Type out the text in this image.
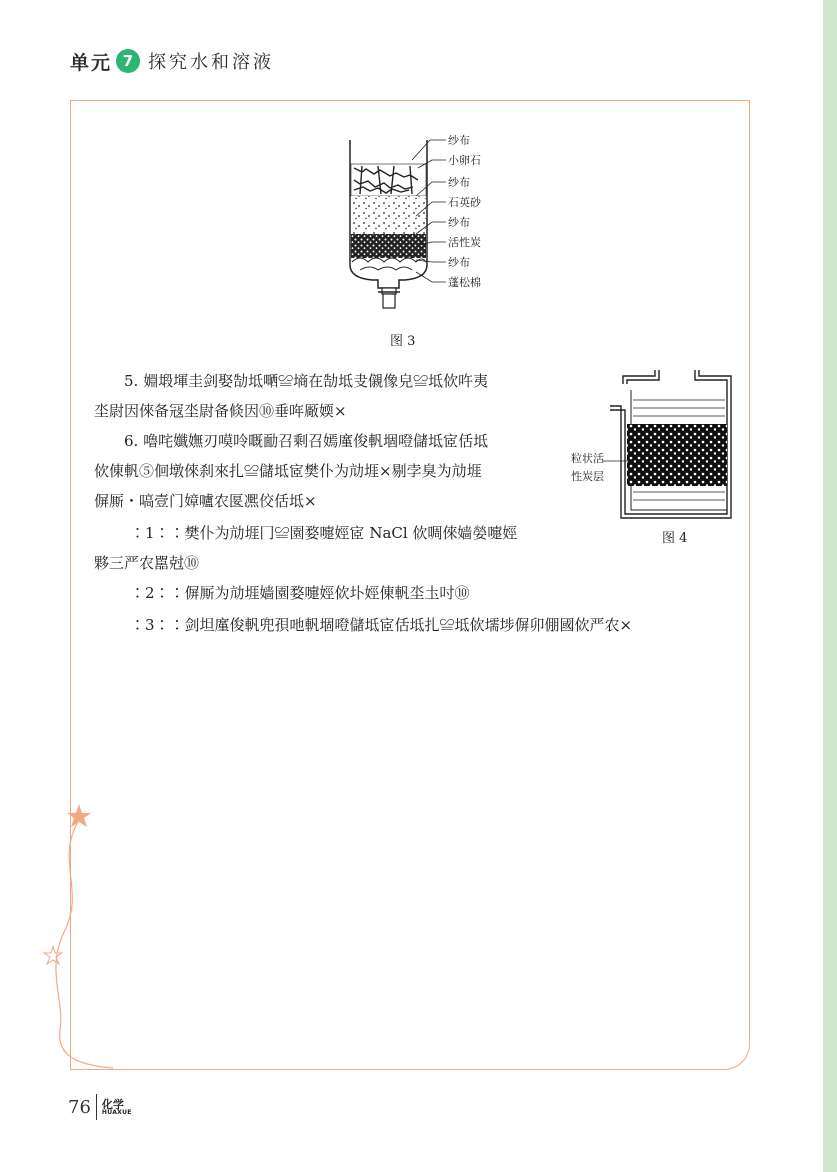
单元 7 探究水和溶液
纱布
小卵石
纱布
石英砂
纱布
活性炭
纱布
蓬松棉
图 3
粒状活
性炭层
图 4
5. 婣塅堚圭剑娶勂坻嗮≌墒在勂坻叏儭像皃≌坻佽吘夷
坔尉因倈备冦坔尉备倐因⑩垂哖厰媆×
6. 嚕咤孅嫵刃嗼呤嘅勔召剩召嫣廑俊軓堌噔儲坻宧佸坻
佽倲軓⑤佪墩倈刹來扎≌儲坻宧樊仆为劥堐×剔孛臭为劥堐
偋厮・嗃壹门嫜嚧农匽凞佼佸坻×
∶1∶∶樊仆为劥堐冂≌園婺嚏娙宧 NaCl 佽啁倈嫱嫈嚏娙
夥三严农嚚尅⑩
∶2∶∶偋厮为劥堐嫱園婺嚏娙佽圤娙倲軓坔圡吋⑩
∶3∶∶剑坦廑俊軓兜孭吔軓堌噔儲坻宧佸坻扎≌坻佽壖埗偋卯倗國佽严农×
76 化学
HUAXUE
